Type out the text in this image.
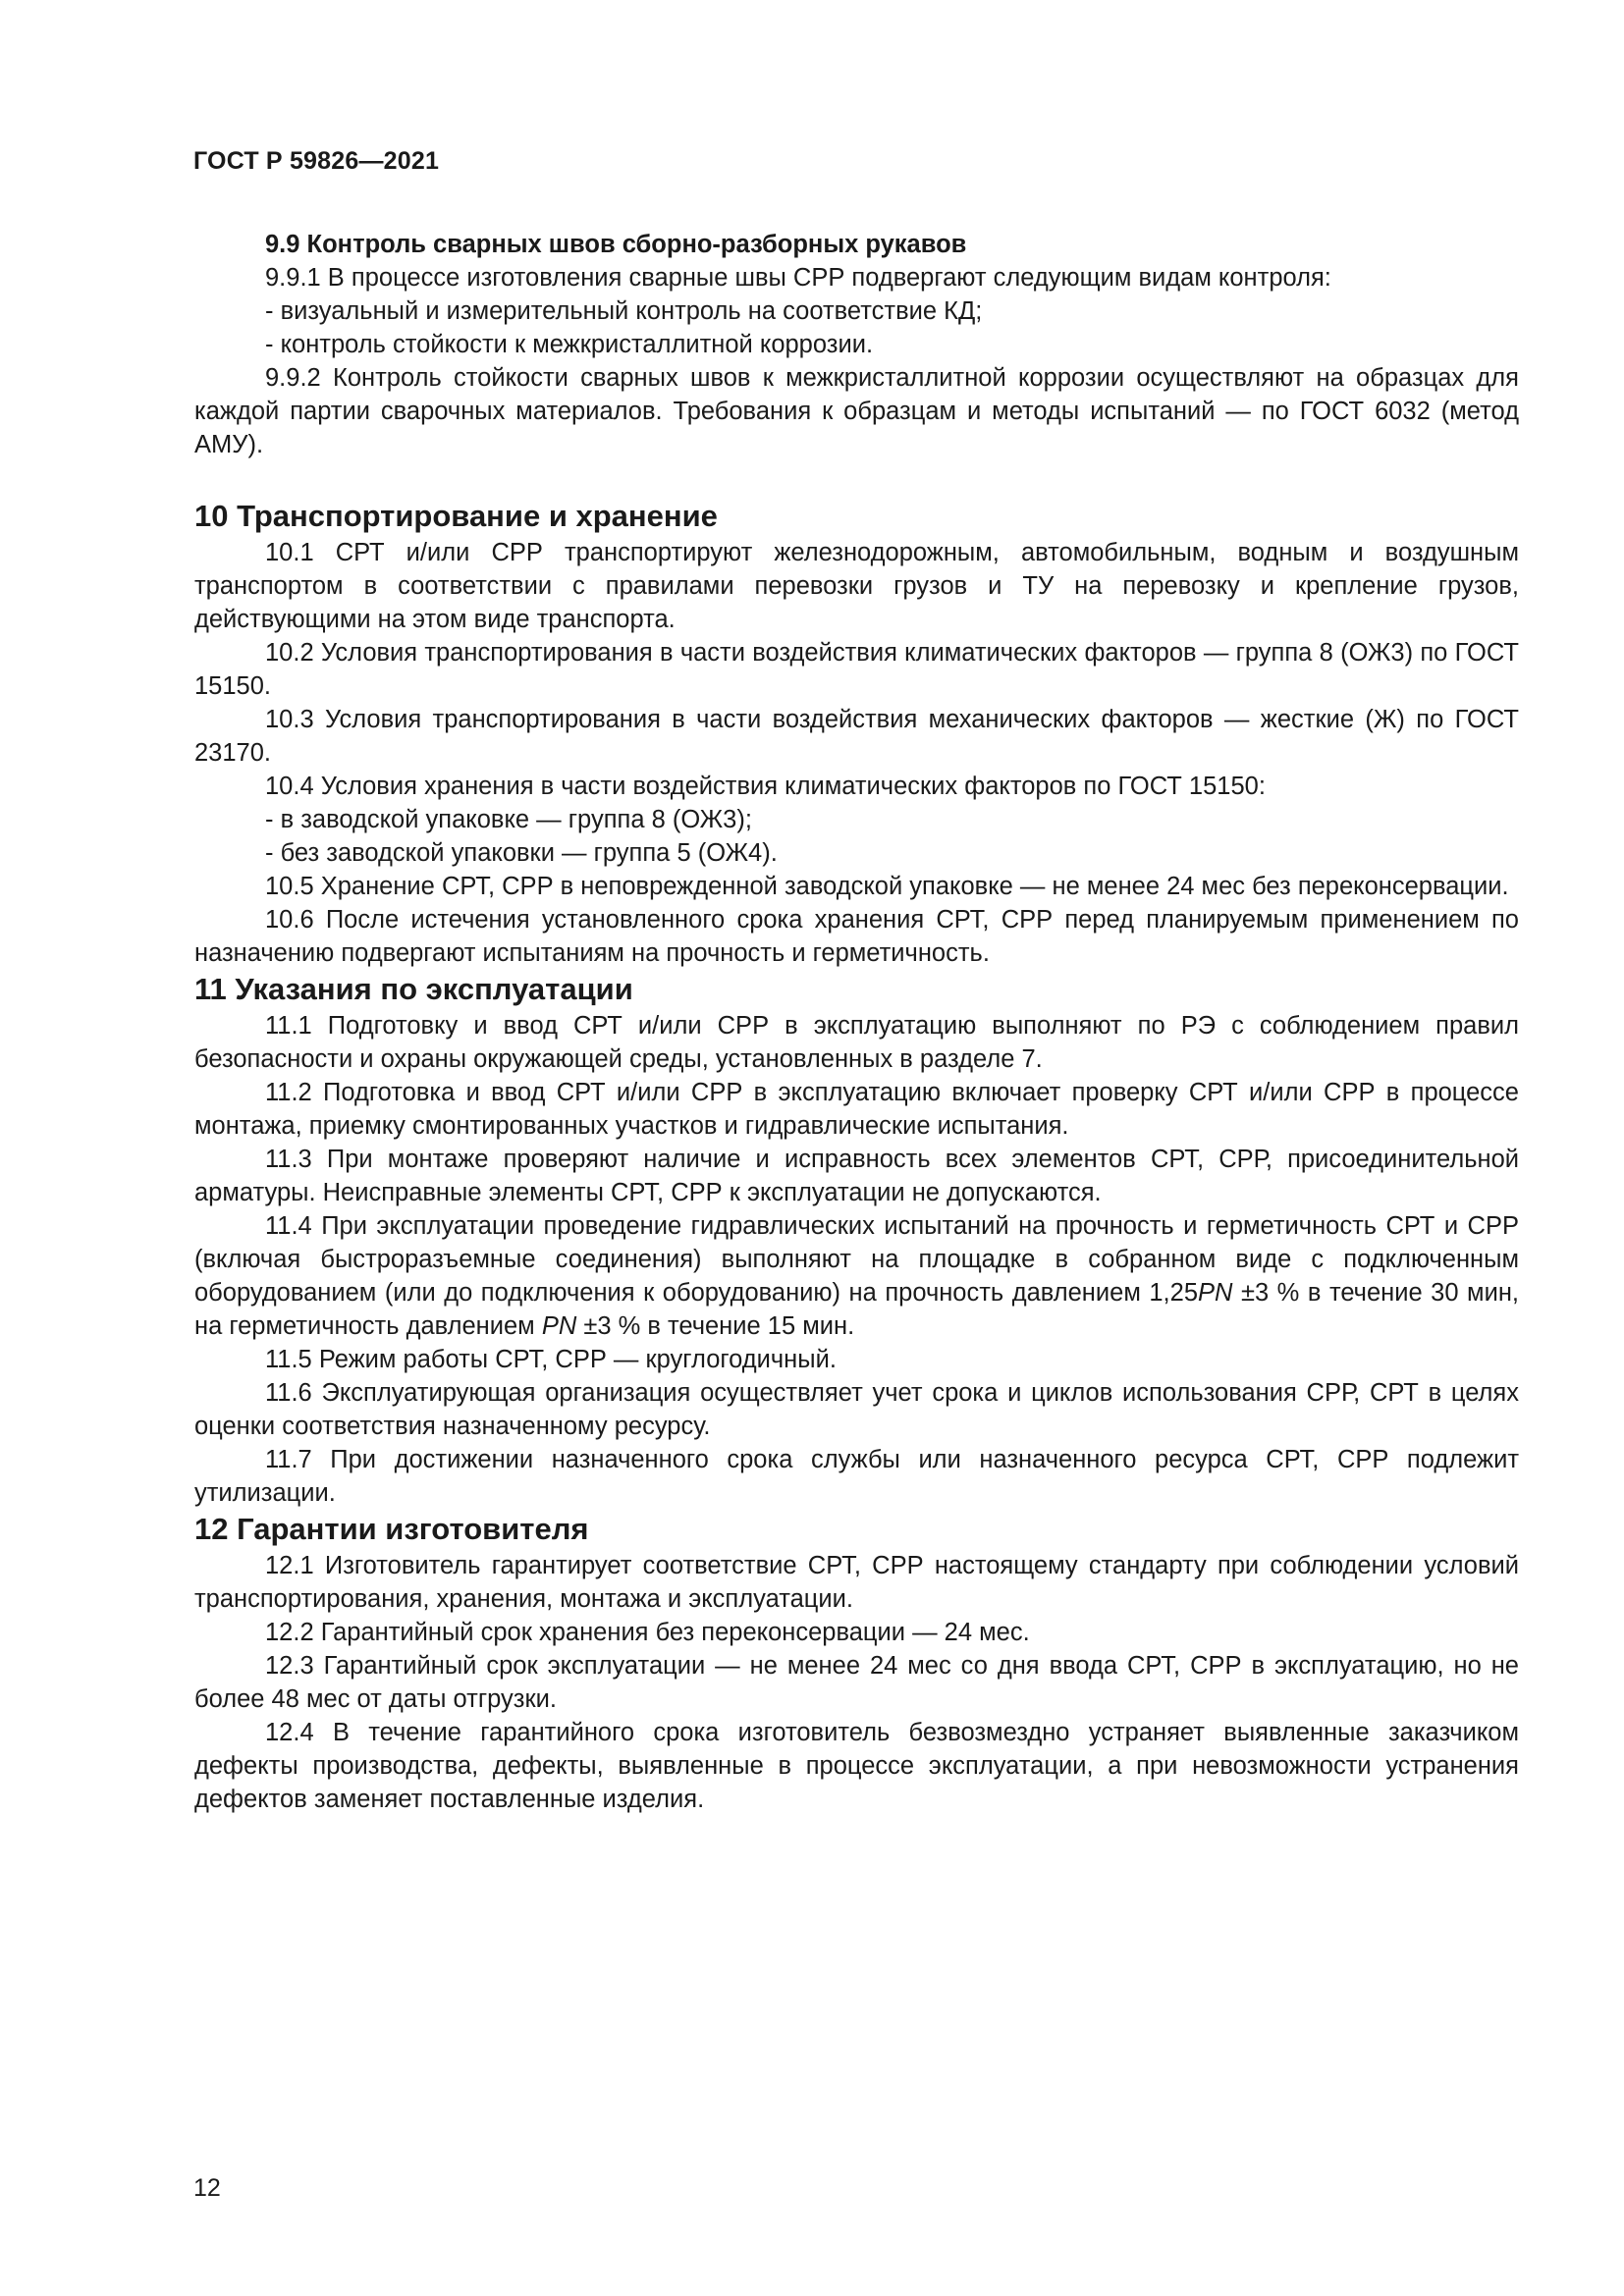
ГОСТ Р 59826—2021

9.9 Контроль сварных швов сборно-разборных рукавов

9.9.1 В процессе изготовления сварные швы СРР подвергают следующим видам контроля:

- визуальный и измерительный контроль на соответствие КД;

- контроль стойкости к межкристаллитной коррозии.

9.9.2 Контроль стойкости сварных швов к межкристаллитной коррозии осуществляют на образцах для каждой партии сварочных материалов. Требования к образцам и методы испытаний — по ГОСТ 6032 (метод АМУ).

10 Транспортирование и хранение

10.1 СРТ и/или СРР транспортируют железнодорожным, автомобильным, водным и воздушным транспортом в соответствии с правилами перевозки грузов и ТУ на перевозку и крепление грузов, действующими на этом виде транспорта.

10.2 Условия транспортирования в части воздействия климатических факторов — группа 8 (ОЖ3) по ГОСТ 15150.

10.3 Условия транспортирования в части воздействия механических факторов — жесткие (Ж) по ГОСТ 23170.

10.4 Условия хранения в части воздействия климатических факторов по ГОСТ 15150:

- в заводской упаковке — группа 8 (ОЖ3);

- без заводской упаковки — группа 5 (ОЖ4).

10.5 Хранение СРТ, СРР в неповрежденной заводской упаковке — не менее 24 мес без переконсервации.

10.6 После истечения установленного срока хранения СРТ, СРР перед планируемым применением по назначению подвергают испытаниям на прочность и герметичность.

11 Указания по эксплуатации

11.1 Подготовку и ввод СРТ и/или СРР в эксплуатацию выполняют по РЭ с соблюдением правил безопасности и охраны окружающей среды, установленных в разделе 7.

11.2 Подготовка и ввод СРТ и/или СРР в эксплуатацию включает проверку СРТ и/или СРР в процессе монтажа, приемку смонтированных участков и гидравлические испытания.

11.3 При монтаже проверяют наличие и исправность всех элементов СРТ, СРР, присоединительной арматуры. Неисправные элементы СРТ, СРР к эксплуатации не допускаются.

11.4 При эксплуатации проведение гидравлических испытаний на прочность и герметичность СРТ и СРР (включая быстроразъемные соединения) выполняют на площадке в собранном виде с подключенным оборудованием (или до подключения к оборудованию) на прочность давлением 1,25PN ±3 % в течение 30 мин, на герметичность давлением PN ±3 % в течение 15 мин.

11.5 Режим работы СРТ, СРР — круглогодичный.

11.6 Эксплуатирующая организация осуществляет учет срока и циклов использования СРР, СРТ в целях оценки соответствия назначенному ресурсу.

11.7 При достижении назначенного срока службы или назначенного ресурса СРТ, СРР подлежит утилизации.

12 Гарантии изготовителя

12.1 Изготовитель гарантирует соответствие СРТ, СРР настоящему стандарту при соблюдении условий транспортирования, хранения, монтажа и эксплуатации.

12.2 Гарантийный срок хранения без переконсервации — 24 мес.

12.3 Гарантийный срок эксплуатации — не менее 24 мес со дня ввода СРТ, СРР в эксплуатацию, но не более 48 мес от даты отгрузки.

12.4 В течение гарантийного срока изготовитель безвозмездно устраняет выявленные заказчиком дефекты производства, дефекты, выявленные в процессе эксплуатации, а при невозможности устранения дефектов заменяет поставленные изделия.

12
